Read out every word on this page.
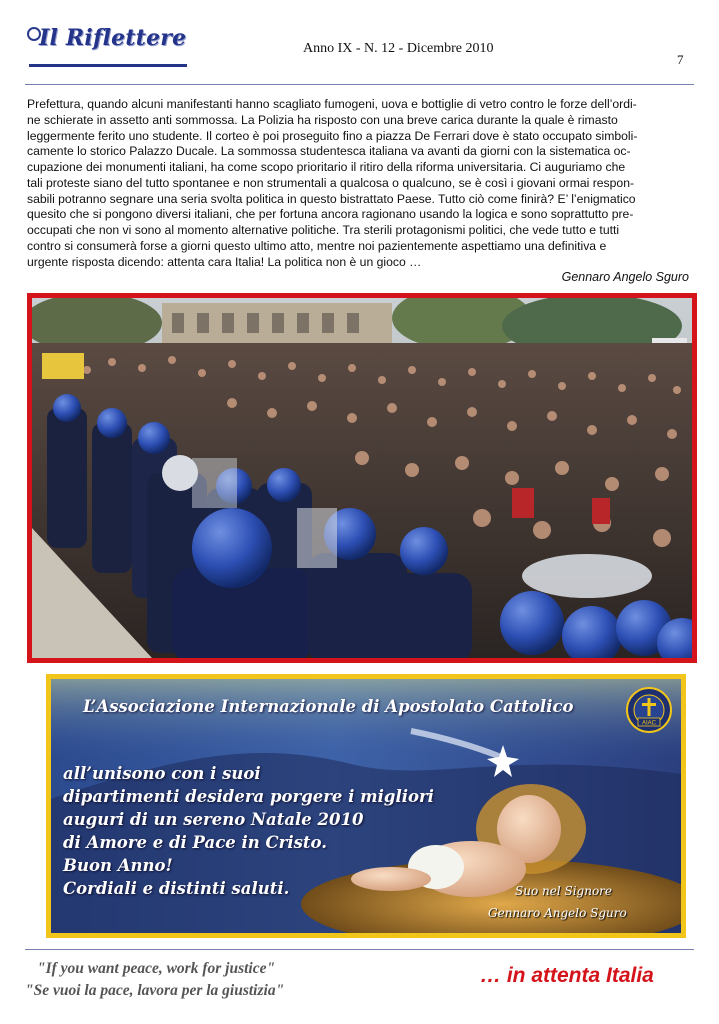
Il Riflettere	Anno IX - N. 12 - Dicembre 2010
7
Prefettura, quando alcuni manifestanti hanno scagliato fumogeni, uova e bottiglie di vetro contro le forze dell’ordi-
ne schierate in assetto anti sommossa. La Polizia ha risposto con una breve carica durante la quale è rimasto
leggermente ferito uno studente. Il corteo è poi proseguito fino a piazza De Ferrari dove è stato occupato simboli-
camente lo storico Palazzo Ducale. La sommossa studentesca italiana va avanti da giorni con la sistematica oc-
cupazione dei monumenti italiani, ha come scopo prioritario il ritiro della riforma universitaria. Ci auguriamo che
tali proteste siano del tutto spontanee e non strumentali a qualcosa o qualcuno, se è così i giovani ormai respon-
sabili potranno segnare una seria svolta politica in questo bistrattato Paese. Tutto ciò come finirà? E’ l’enigmatico
quesito che si pongono diversi italiani, che per fortuna ancora ragionano usando la logica e sono soprattutto pre-
occupati che non vi sono al momento alternative politiche. Tra sterili protagonismi politici, che vede tutto e tutti
contro si consumerà forse a giorni questo ultimo atto, mentre noi pazientemente aspettiamo una definitiva e
urgente risposta dicendo: attenta cara Italia! La politica non è un gioco …
Gennaro Angelo Sguro
AIAC
L’Associazione Internazionale di Apostolato Cattolico
all’unisono con i suoi
dipartimenti desidera porgere i migliori
auguri di un sereno Natale 2010
di Amore e di Pace in Cristo.
Buon Anno!
Cordiali e distinti saluti.	Suo nel Signore
Gennaro Angelo Sguro
"If you want peace, work for justice"
"Se vuoi la pace, lavora per la giustizia"
… in attenta Italia
